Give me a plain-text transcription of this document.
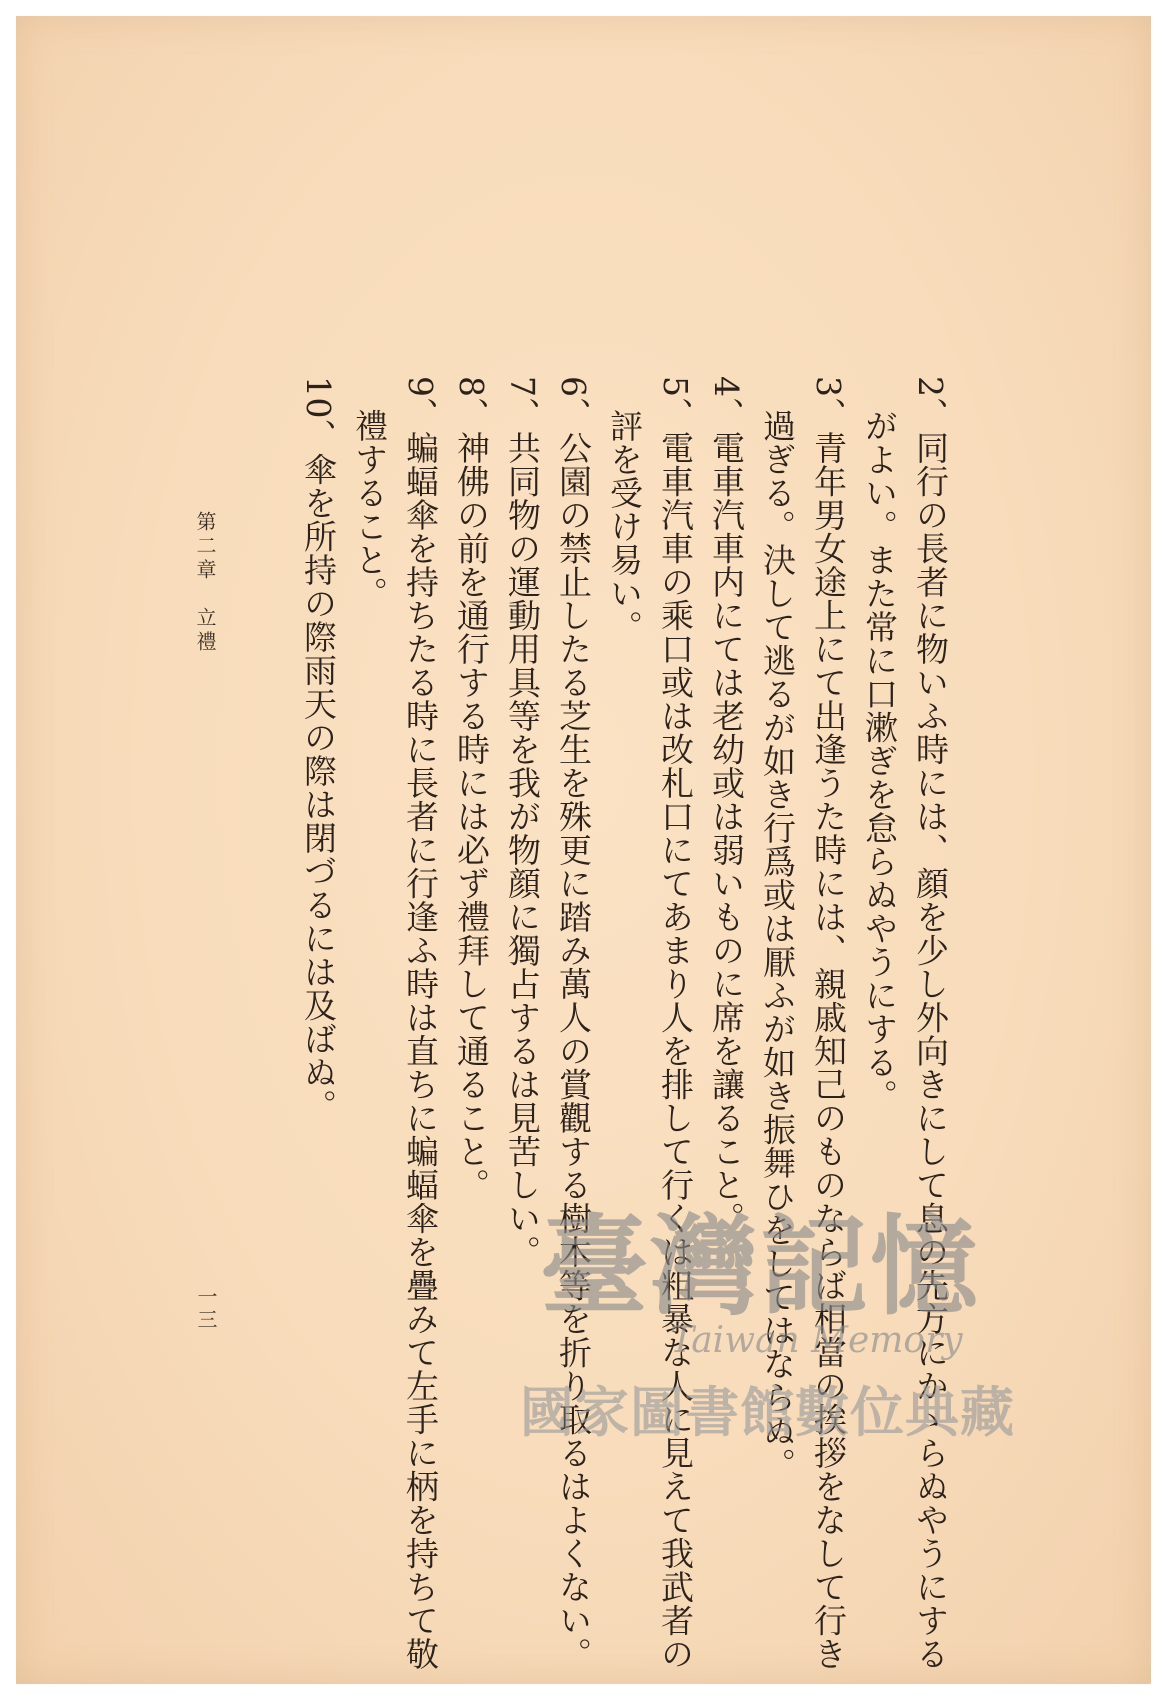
2、同行の長者に物いふ時には、顔を少し外向きにして息の先方にかゝらぬやうにする
がよい。また常に口漱ぎを怠らぬやうにする。
3、青年男女途上にて出逢うた時には、親戚知己のものならば相當の挨拶をなして行き
過ぎる。決して逃るが如き行爲或は厭ふが如き振舞ひをしてはならぬ。
4、電車汽車内にては老幼或は弱いものに席を讓ること。
5、電車汽車の乘口或は改札口にてあまり人を排して行くは粗暴な人に見えて我武者の
評を受け易い。
6、公園の禁止したる芝生を殊更に踏み萬人の賞觀する樹木等を折り取るはよくない。
7、共同物の運動用具等を我が物顔に獨占するは見苦しい。
8、神佛の前を通行する時には必ず禮拜して通ること。
9、蝙蝠傘を持ちたる時に長者に行逢ふ時は直ちに蝙蝠傘を疊みて左手に柄を持ちて敬
禮すること。
10、傘を所持の際雨天の際は閉づるには及ばぬ。
第二章　立禮
一三	臺灣記憶
Taiwan Memory
國家圖書館數位典藏
